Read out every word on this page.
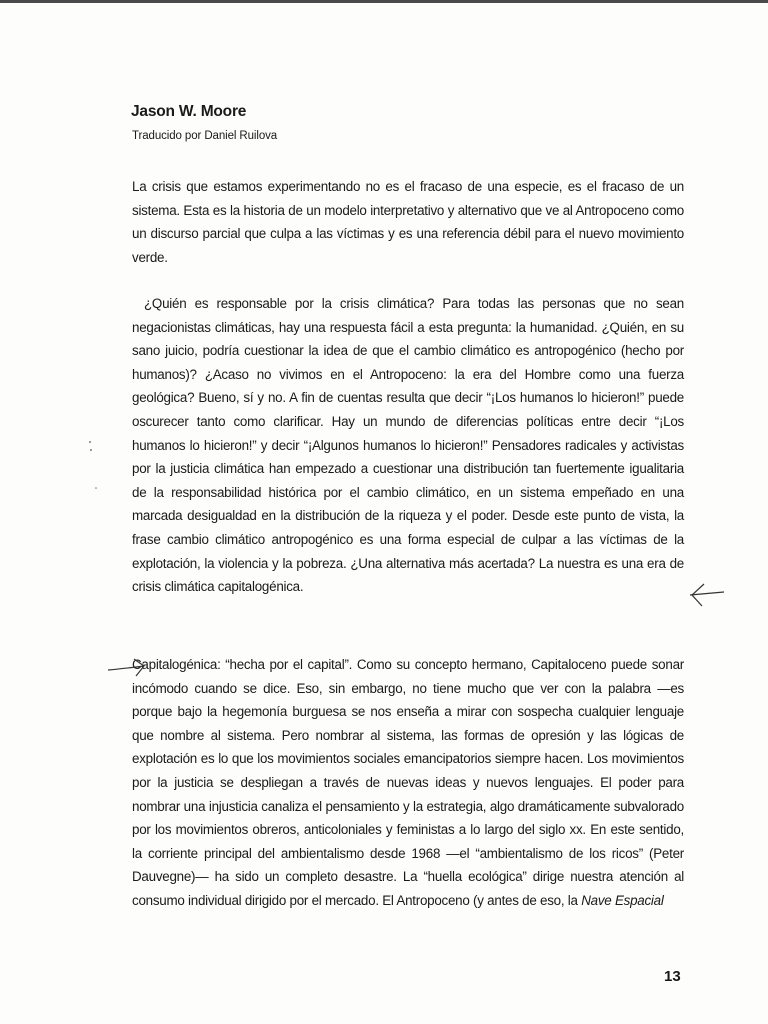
Jason W. Moore
Traducido por Daniel Ruilova

La crisis que estamos experimentando no es el fracaso de una especie, es el fracaso de un sistema. Esta es la historia de un modelo interpretativo y alternativo que ve al Antropoceno como un discurso parcial que culpa a las víctimas y es una referencia débil para el nuevo movimiento verde.

¿Quién es responsable por la crisis climática? Para todas las personas que no sean negacionistas climáticas, hay una respuesta fácil a esta pregunta: la humanidad. ¿Quién, en su sano juicio, podría cuestionar la idea de que el cambio climático es antropogénico (hecho por humanos)? ¿Acaso no vivimos en el Antropoceno: la era del Hombre como una fuerza geológica? Bueno, sí y no. A fin de cuentas resulta que decir “¡Los humanos lo hicieron!” puede oscurecer tanto como clarificar. Hay un mundo de diferencias políticas entre decir “¡Los humanos lo hicieron!” y decir “¡Algunos humanos lo hicieron!” Pensadores radicales y activistas por la justicia climática han empezado a cuestionar una distribución tan fuertemente igualitaria de la responsabilidad histórica por el cambio climático, en un sistema empeñado en una marcada desigualdad en la distribución de la riqueza y el poder. Desde este punto de vista, la frase cambio climático antropogénico es una forma especial de culpar a las víctimas de la explotación, la violencia y la pobreza. ¿Una alternativa más acertada? La nuestra es una era de crisis climática capitalogénica.

Capitalogénica: “hecha por el capital”. Como su concepto hermano, Capitaloceno puede sonar incómodo cuando se dice. Eso, sin embargo, no tiene mucho que ver con la palabra —es porque bajo la hegemonía burguesa se nos enseña a mirar con sospecha cualquier lenguaje que nombre al sistema. Pero nombrar al sistema, las formas de opresión y las lógicas de explotación es lo que los movimientos sociales emancipatorios siempre hacen. Los movimientos por la justicia se despliegan a través de nuevas ideas y nuevos lenguajes. El poder para nombrar una injusticia canaliza el pensamiento y la estrategia, algo dramáticamente subvalorado por los movimientos obreros, anticoloniales y feministas a lo largo del siglo xx. En este sentido, la corriente principal del ambientalismo desde 1968 —el “ambientalismo de los ricos” (Peter Dauvegne)— ha sido un completo desastre. La “huella ecológica” dirige nuestra atención al consumo individual dirigido por el mercado. El Antropoceno (y antes de eso, la Nave Espacial

13
